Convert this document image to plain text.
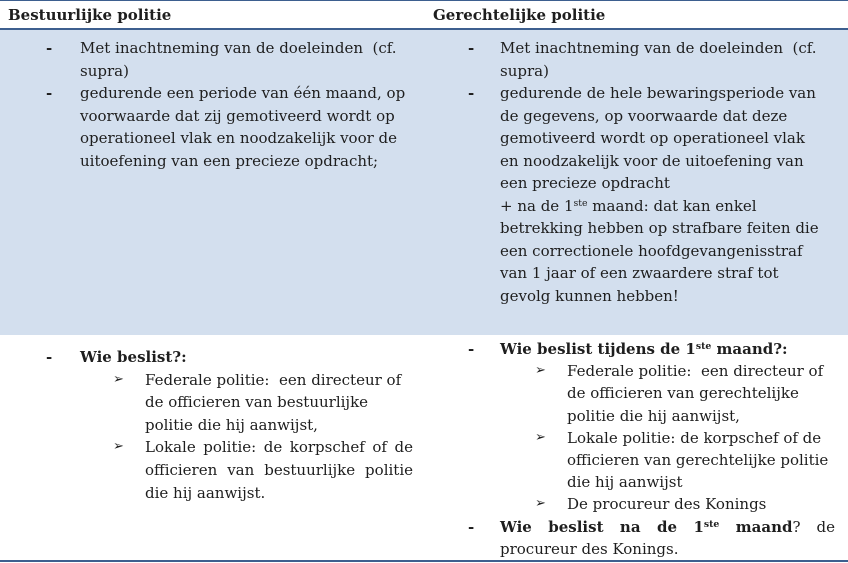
Bestuurlijke politie	Gerechtelijke politie
- Met inachtneming van de doeleinden  (cf.
supra)
- gedurende een periode van één maand, op
voorwaarde dat zij gemotiveerd wordt op
operationeel vlak en noodzakelijk voor de
uitoefening van een precieze opdracht;
- Met inachtneming van de doeleinden  (cf.
supra)
- gedurende de hele bewaringsperiode van
de gegevens, op voorwaarde dat deze
gemotiveerd wordt op operationeel vlak
en noodzakelijk voor de uitoefening van
een precieze opdracht
+ na de 1ste maand: dat kan enkel
betrekking hebben op strafbare feiten die
een correctionele hoofdgevangenisstraf
van 1 jaar of een zwaardere straf tot
gevolg kunnen hebben!
- Wie beslist?:
➢ Federale politie:  een directeur of
de officieren van bestuurlijke
politie die hij aanwijst,
➢ Lokale politie: de korpschef of de
officieren van bestuurlijke politie
die hij aanwijst.
- Wie beslist tijdens de 1ste maand?:
➢ Federale politie:  een directeur of
de officieren van gerechtelijke
politie die hij aanwijst,
➢ Lokale politie: de korpschef of de
officieren van gerechtelijke politie
die hij aanwijst
➢ De procureur des Konings
- Wie beslist na de 1ste maand? de
procureur des Konings.
